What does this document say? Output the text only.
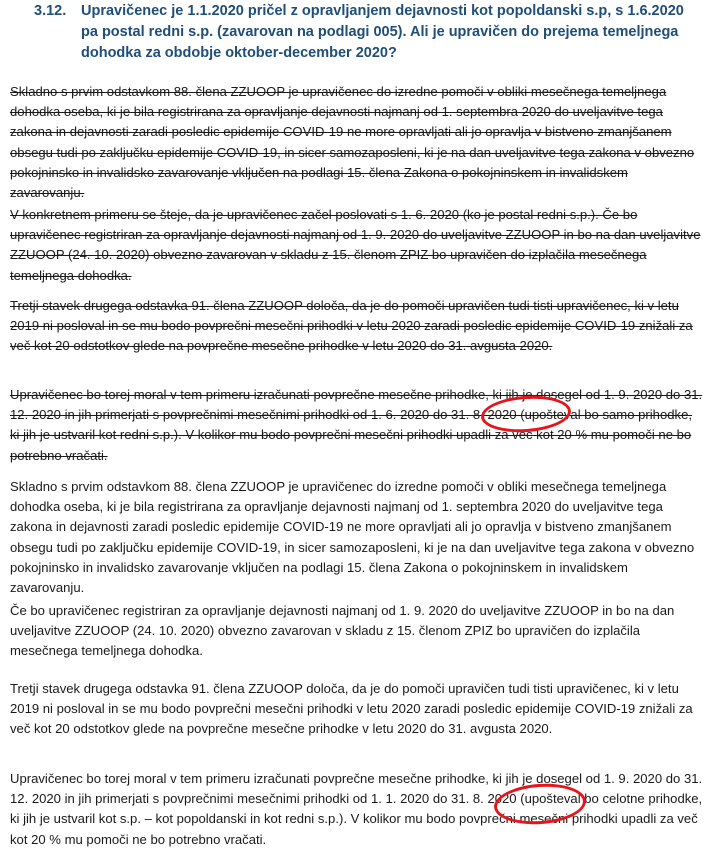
3.12. Upravičenec je 1.1.2020 pričel z opravljanjem dejavnosti kot popoldanski s.p, s 1.6.2020 pa postal redni s.p. (zavarovan na podlagi 005). Ali je upravičen do prejema temeljnega dohodka za obdobje oktober-december 2020?

Skladno s prvim odstavkom 88. člena ZZUOOP je upravičenec do izredne pomoči v obliki mesečnega temeljnega dohodka oseba, ki je bila registrirana za opravljanje dejavnosti najmanj od 1. septembra 2020 do uveljavitve tega zakona in dejavnosti zaradi posledic epidemije COVID-19 ne more opravljati ali jo opravlja v bistveno zmanjšanem obsegu tudi po zaključku epidemije COVID-19, in sicer samozaposleni, ki je na dan uveljavitve tega zakona v obvezno pokojninsko in invalidsko zavarovanje vključen na podlagi 15. člena Zakona o pokojninskem in invalidskem zavarovanju.

V konkretnem primeru se šteje, da je upravičenec začel poslovati s 1. 6. 2020 (ko je postal redni s.p.). Če bo upravičenec registriran za opravljanje dejavnosti najmanj od 1. 9. 2020 do uveljavitve ZZUOOP in bo na dan uveljavitve ZZUOOP (24. 10. 2020) obvezno zavarovan v skladu z 15. členom ZPIZ bo upravičen do izplačila mesečnega temeljnega dohodka.

Tretji stavek drugega odstavka 91. člena ZZUOOP določa, da je do pomoči upravičen tudi tisti upravičenec, ki v letu 2019 ni posloval in se mu bodo povprečni mesečni prihodki v letu 2020 zaradi posledic epidemije COVID-19 znižali za več kot 20 odstotkov glede na povprečne mesečne prihodke v letu 2020 do 31. avgusta 2020.

Upravičenec bo torej moral v tem primeru izračunati povprečne mesečne prihodke, ki jih je dosegel od 1. 9. 2020 do 31. 12. 2020 in jih primerjati s povprečnimi mesečnimi prihodki od 1. 6. 2020 do 31. 8. 2020 (upošteval bo samo prihodke, ki jih je ustvaril kot redni s.p.). V kolikor mu bodo povprečni mesečni prihodki upadli za več kot 20 % mu pomoči ne bo potrebno vračati.

Skladno s prvim odstavkom 88. člena ZZUOOP je upravičenec do izredne pomoči v obliki mesečnega temeljnega dohodka oseba, ki je bila registrirana za opravljanje dejavnosti najmanj od 1. septembra 2020 do uveljavitve tega zakona in dejavnosti zaradi posledic epidemije COVID-19 ne more opravljati ali jo opravlja v bistveno zmanjšanem obsegu tudi po zaključku epidemije COVID-19, in sicer samozaposleni, ki je na dan uveljavitve tega zakona v obvezno pokojninsko in invalidsko zavarovanje vključen na podlagi 15. člena Zakona o pokojninskem in invalidskem zavarovanju.

Če bo upravičenec registriran za opravljanje dejavnosti najmanj od 1. 9. 2020 do uveljavitve ZZUOOP in bo na dan uveljavitve ZZUOOP (24. 10. 2020) obvezno zavarovan v skladu z 15. členom ZPIZ bo upravičen do izplačila mesečnega temeljnega dohodka.

Tretji stavek drugega odstavka 91. člena ZZUOOP določa, da je do pomoči upravičen tudi tisti upravičenec, ki v letu 2019 ni posloval in se mu bodo povprečni mesečni prihodki v letu 2020 zaradi posledic epidemije COVID-19 znižali za več kot 20 odstotkov glede na povprečne mesečne prihodke v letu 2020 do 31. avgusta 2020.

Upravičenec bo torej moral v tem primeru izračunati povprečne mesečne prihodke, ki jih je dosegel od 1. 9. 2020 do 31. 12. 2020 in jih primerjati s povprečnimi mesečnimi prihodki od 1. 1. 2020 do 31. 8. 2020 (upošteval bo celotne prihodke, ki jih je ustvaril kot s.p. – kot popoldanski in kot redni s.p.). V kolikor mu bodo povprečni mesečni prihodki upadli za več kot 20 % mu pomoči ne bo potrebno vračati.
